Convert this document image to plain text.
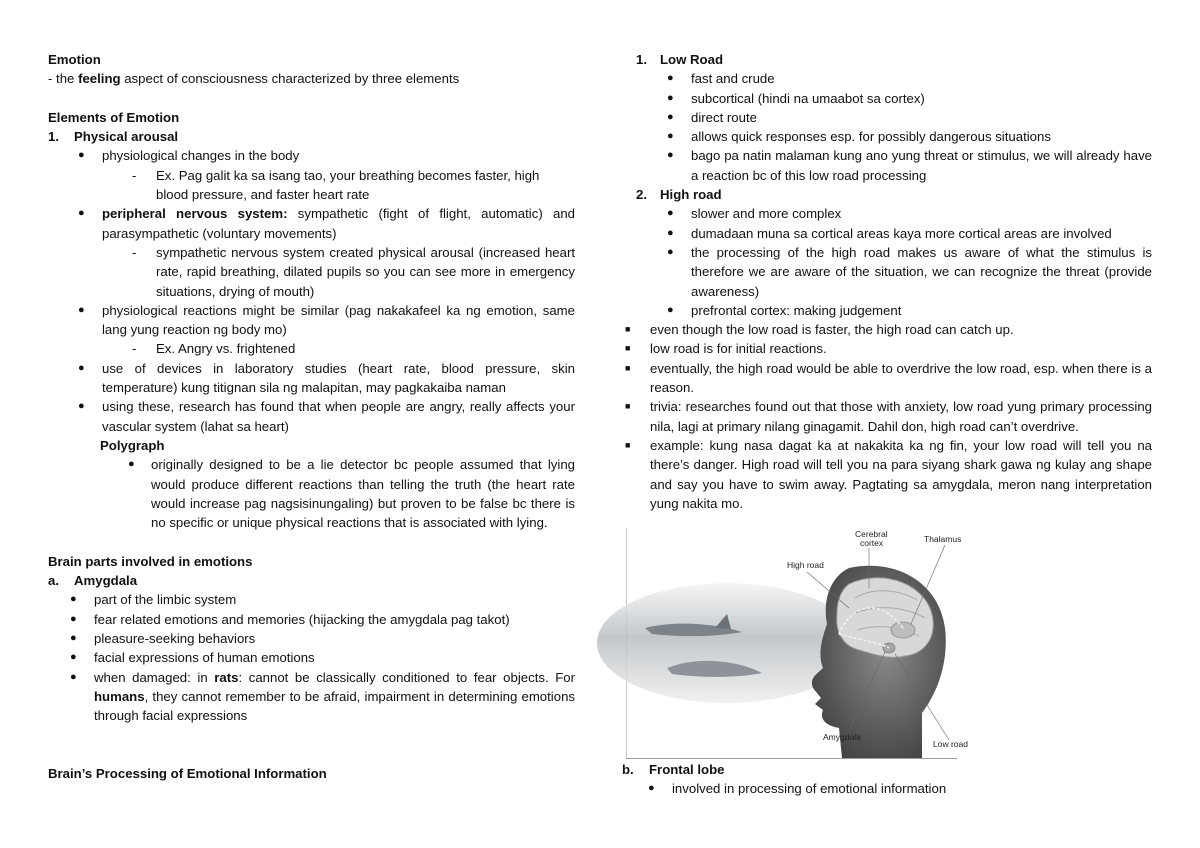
Emotion

- the feeling aspect of consciousness characterized by three elements

Elements of Emotion

1. Physical arousal
● physiological changes in the body

- Ex. Pag galit ka sa isang tao, your breathing becomes faster, high blood pressure, and faster heart rate

● peripheral nervous system: sympathetic (fight of flight, automatic) and parasympathetic (voluntary movements)

- sympathetic nervous system created physical arousal (increased heart rate, rapid breathing, dilated pupils so you can see more in emergency situations, drying of mouth)

● physiological reactions might be similar (pag nakakafeel ka ng emotion, same lang yung reaction ng body mo)

- Ex. Angry vs. frightened

● use of devices in laboratory studies (heart rate, blood pressure, skin temperature) kung titignan sila ng malapitan, may pagkakaiba naman

● using these, research has found that when people are angry, really affects your vascular system (lahat sa heart)

Polygraph

● originally designed to be a lie detector bc people assumed that lying would produce different reactions than telling the truth (the heart rate would increase pag nagsisinungaling) but proven to be false bc there is no specific or unique physical reactions that is associated with lying.

Brain parts involved in emotions

a. Amygdala
● part of the limbic system

● fear related emotions and memories (hijacking the amygdala pag takot)

● pleasure-seeking behaviors

● facial expressions of human emotions

● when damaged: in rats: cannot be classically conditioned to fear objects. For humans, they cannot remember to be afraid, impairment in determining emotions through facial expressions

Brain’s Processing of Emotional Information

1. Low Road
● fast and crude

● subcortical (hindi na umaabot sa cortex)

● direct route

● allows quick responses esp. for possibly dangerous situations

● bago pa natin malaman kung ano yung threat or stimulus, we will already have a reaction bc of this low road processing

2. High road
● slower and more complex

● dumadaan muna sa cortical areas kaya more cortical areas are involved

● the processing of the high road makes us aware of what the stimulus is therefore we are aware of the situation, we can recognize the threat (provide awareness)

● prefrontal cortex: making judgement

■ even though the low road is faster, the high road can catch up.

■ low road is for initial reactions.

■ eventually, the high road would be able to overdrive the low road, esp. when there is a reason.

■ trivia: researches found out that those with anxiety, low road yung primary processing nila, lagi at primary nilang ginagamit. Dahil don, high road can’t overdrive.

■ example: kung nasa dagat ka at nakakita ka ng fin, your low road will tell you na there’s danger. High road will tell you na para siyang shark gawa ng kulay ang shape and say you have to swim away. Pagtating sa amygdala, meron nang interpretation yung nakita mo.

Cerebral
cortex	Thalamus
High road
Amygdala
Low road
b. Frontal lobe
● involved in processing of emotional information
